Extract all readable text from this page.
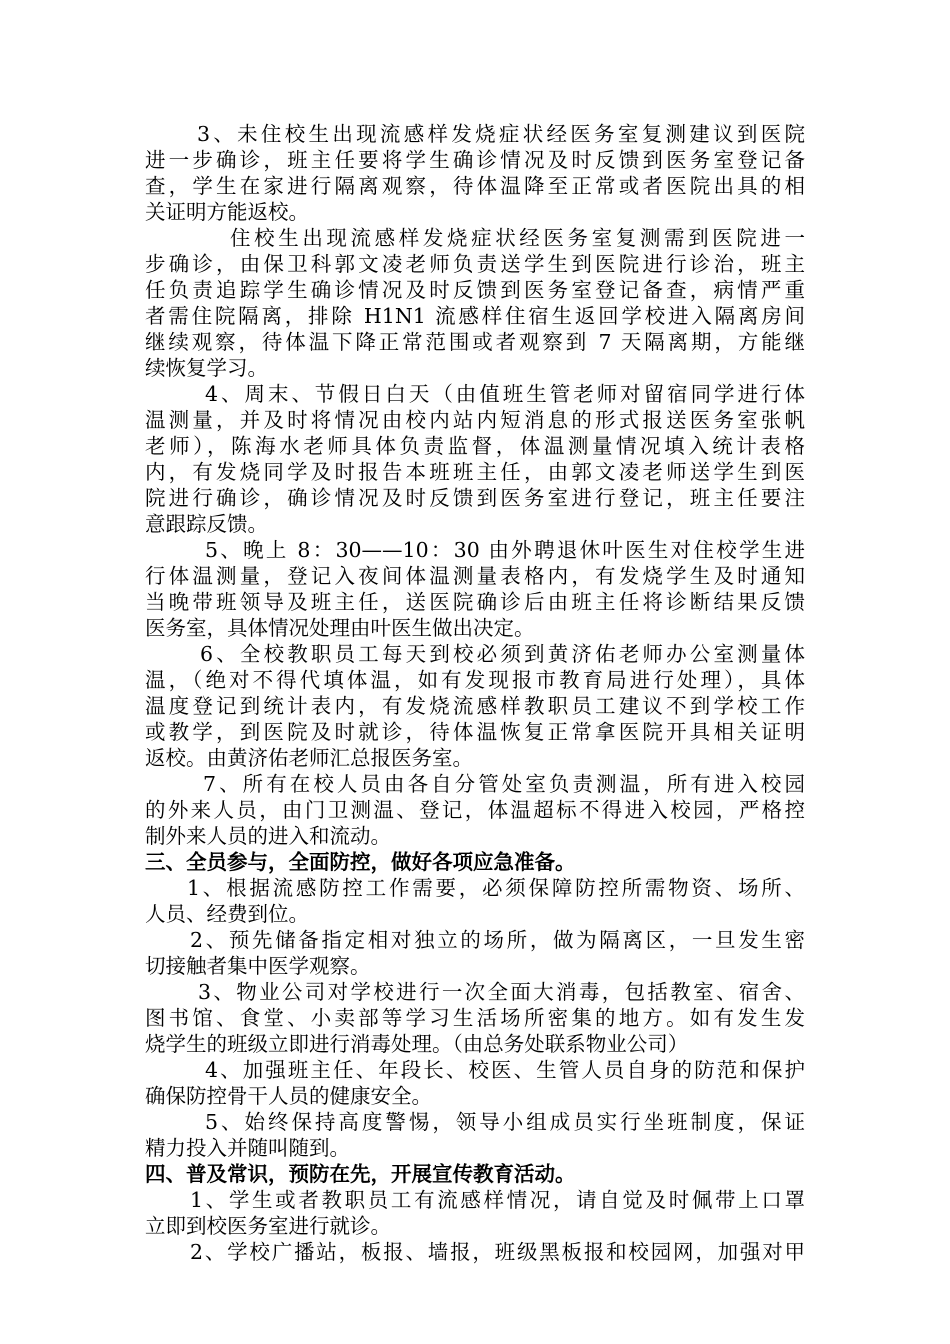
3、未住校生出现流感样发烧症状经医务室复测建议到医院
进一步确诊，班主任要将学生确诊情况及时反馈到医务室登记备
查，学生在家进行隔离观察，待体温降至正常或者医院出具的相
关证明方能返校。
住校生出现流感样发烧症状经医务室复测需到医院进一
步确诊，由保卫科郭文凌老师负责送学生到医院进行诊治，班主
任负责追踪学生确诊情况及时反馈到医务室登记备查，病情严重
者需住院隔离，排除 H1N1 流感样住宿生返回学校进入隔离房间
继续观察，待体温下降正常范围或者观察到 7 天隔离期，方能继
续恢复学习。
4、周末、节假日白天（由值班生管老师对留宿同学进行体
温测量，并及时将情况由校内站内短消息的形式报送医务室张帆
老师），陈海水老师具体负责监督，体温测量情况填入统计表格
内，有发烧同学及时报告本班班主任，由郭文凌老师送学生到医
院进行确诊，确诊情况及时反馈到医务室进行登记，班主任要注
意跟踪反馈。
5、晚上 8：30——10：30 由外聘退休叶医生对住校学生进
行体温测量，登记入夜间体温测量表格内，有发烧学生及时通知
当晚带班领导及班主任，送医院确诊后由班主任将诊断结果反馈
医务室，具体情况处理由叶医生做出决定。
6、全校教职员工每天到校必须到黄济佑老师办公室测量体
温，（绝对不得代填体温，如有发现报市教育局进行处理），具体
温度登记到统计表内，有发烧流感样教职员工建议不到学校工作
或教学，到医院及时就诊，待体温恢复正常拿医院开具相关证明
返校。由黄济佑老师汇总报医务室。
7、所有在校人员由各自分管处室负责测温，所有进入校园
的外来人员，由门卫测温、登记，体温超标不得进入校园，严格控
制外来人员的进入和流动。
三、全员参与，全面防控，做好各项应急准备。
1、根据流感防控工作需要，必须保障防控所需物资、场所、
人员、经费到位。
2、预先储备指定相对独立的场所，做为隔离区，一旦发生密
切接触者集中医学观察。
3、物业公司对学校进行一次全面大消毒，包括教室、宿舍、
图书馆、食堂、小卖部等学习生活场所密集的地方。如有发生发
烧学生的班级立即进行消毒处理。（由总务处联系物业公司）
4、加强班主任、年段长、校医、生管人员自身的防范和保护
确保防控骨干人员的健康安全。
5、始终保持高度警惕，领导小组成员实行坐班制度，保证
精力投入并随叫随到。
四、普及常识，预防在先，开展宣传教育活动。
1、学生或者教职员工有流感样情况，请自觉及时佩带上口罩
立即到校医务室进行就诊。
2、学校广播站，板报、墙报，班级黑板报和校园网，加强对甲
